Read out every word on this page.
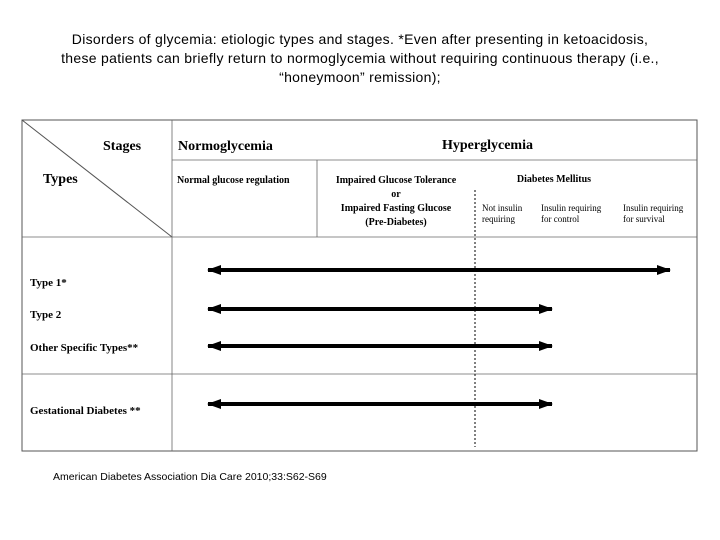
Disorders of glycemia: etiologic types and stages. *Even after presenting in ketoacidosis,
these patients can briefly return to normoglycemia without requiring continuous therapy (i.e.,
“honeymoon” remission);
Stages
Types
Normoglycemia	Hyperglycemia
Normal glucose regulation	Impaired Glucose Tolerance
or
Impaired Fasting Glucose
(Pre-Diabetes)
Diabetes Mellitus
Not insulin
requiring
Insulin requiring
for control
Insulin requiring
for survival
Type 1*
Type 2
Other Specific Types**
Gestational Diabetes **
American Diabetes Association Dia Care 2010;33:S62-S69
